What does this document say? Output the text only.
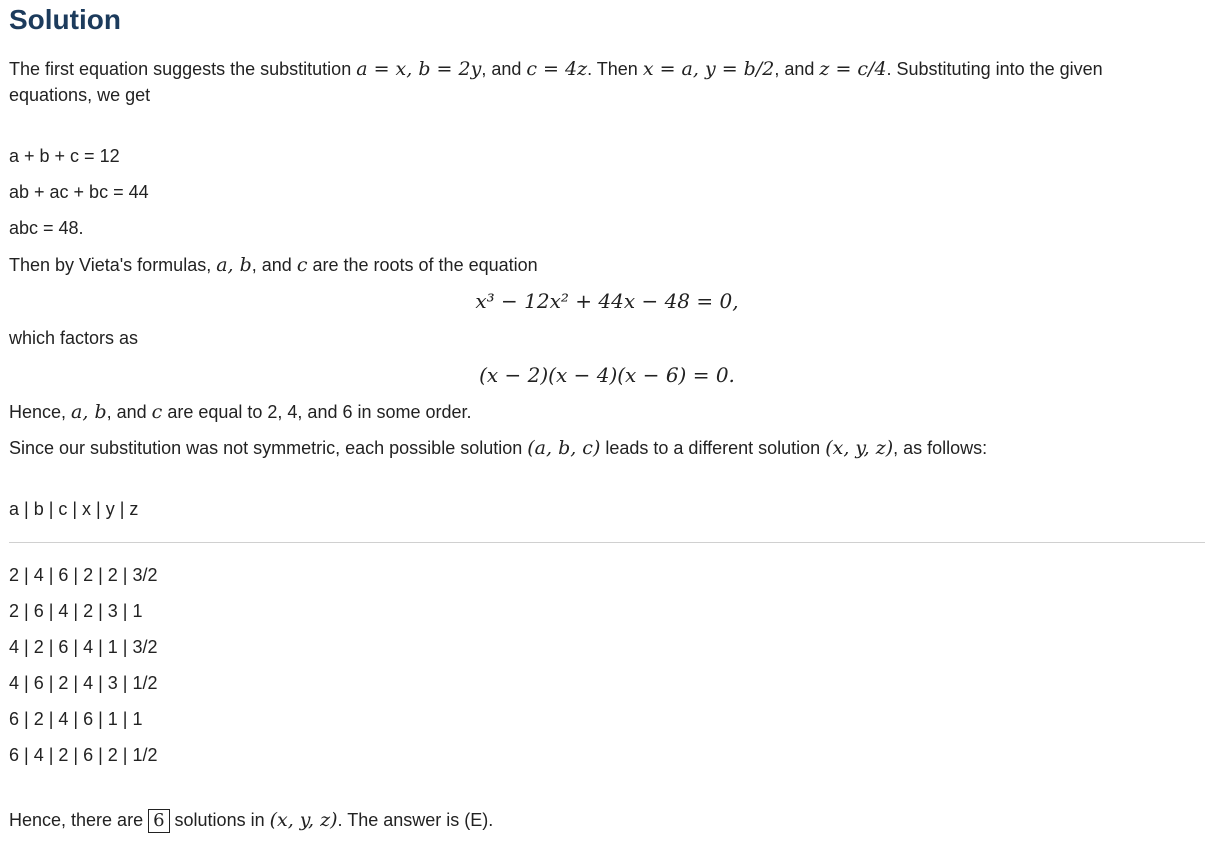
Solution
The first equation suggests the substitution a = x, b = 2y, and c = 4z. Then x = a, y = b/2, and z = c/4. Substituting into the given
equations, we get
a + b + c = 12
ab + ac + bc = 44
abc = 48.
Then by Vieta's formulas, a, b, and c are the roots of the equation
x³ − 12x² + 44x − 48 = 0,
which factors as
(x − 2)(x − 4)(x − 6) = 0.
Hence, a, b, and c are equal to 2, 4, and 6 in some order.
Since our substitution was not symmetric, each possible solution (a, b, c) leads to a different solution (x, y, z), as follows:
a | b | c | x | y | z
2 | 4 | 6 | 2 | 2 | 3/2
2 | 6 | 4 | 2 | 3 | 1
4 | 2 | 6 | 4 | 1 | 3/2
4 | 6 | 2 | 4 | 3 | 1/2
6 | 2 | 4 | 6 | 1 | 1
6 | 4 | 2 | 6 | 2 | 1/2
Hence, there are 6 solutions in (x, y, z). The answer is (E).
